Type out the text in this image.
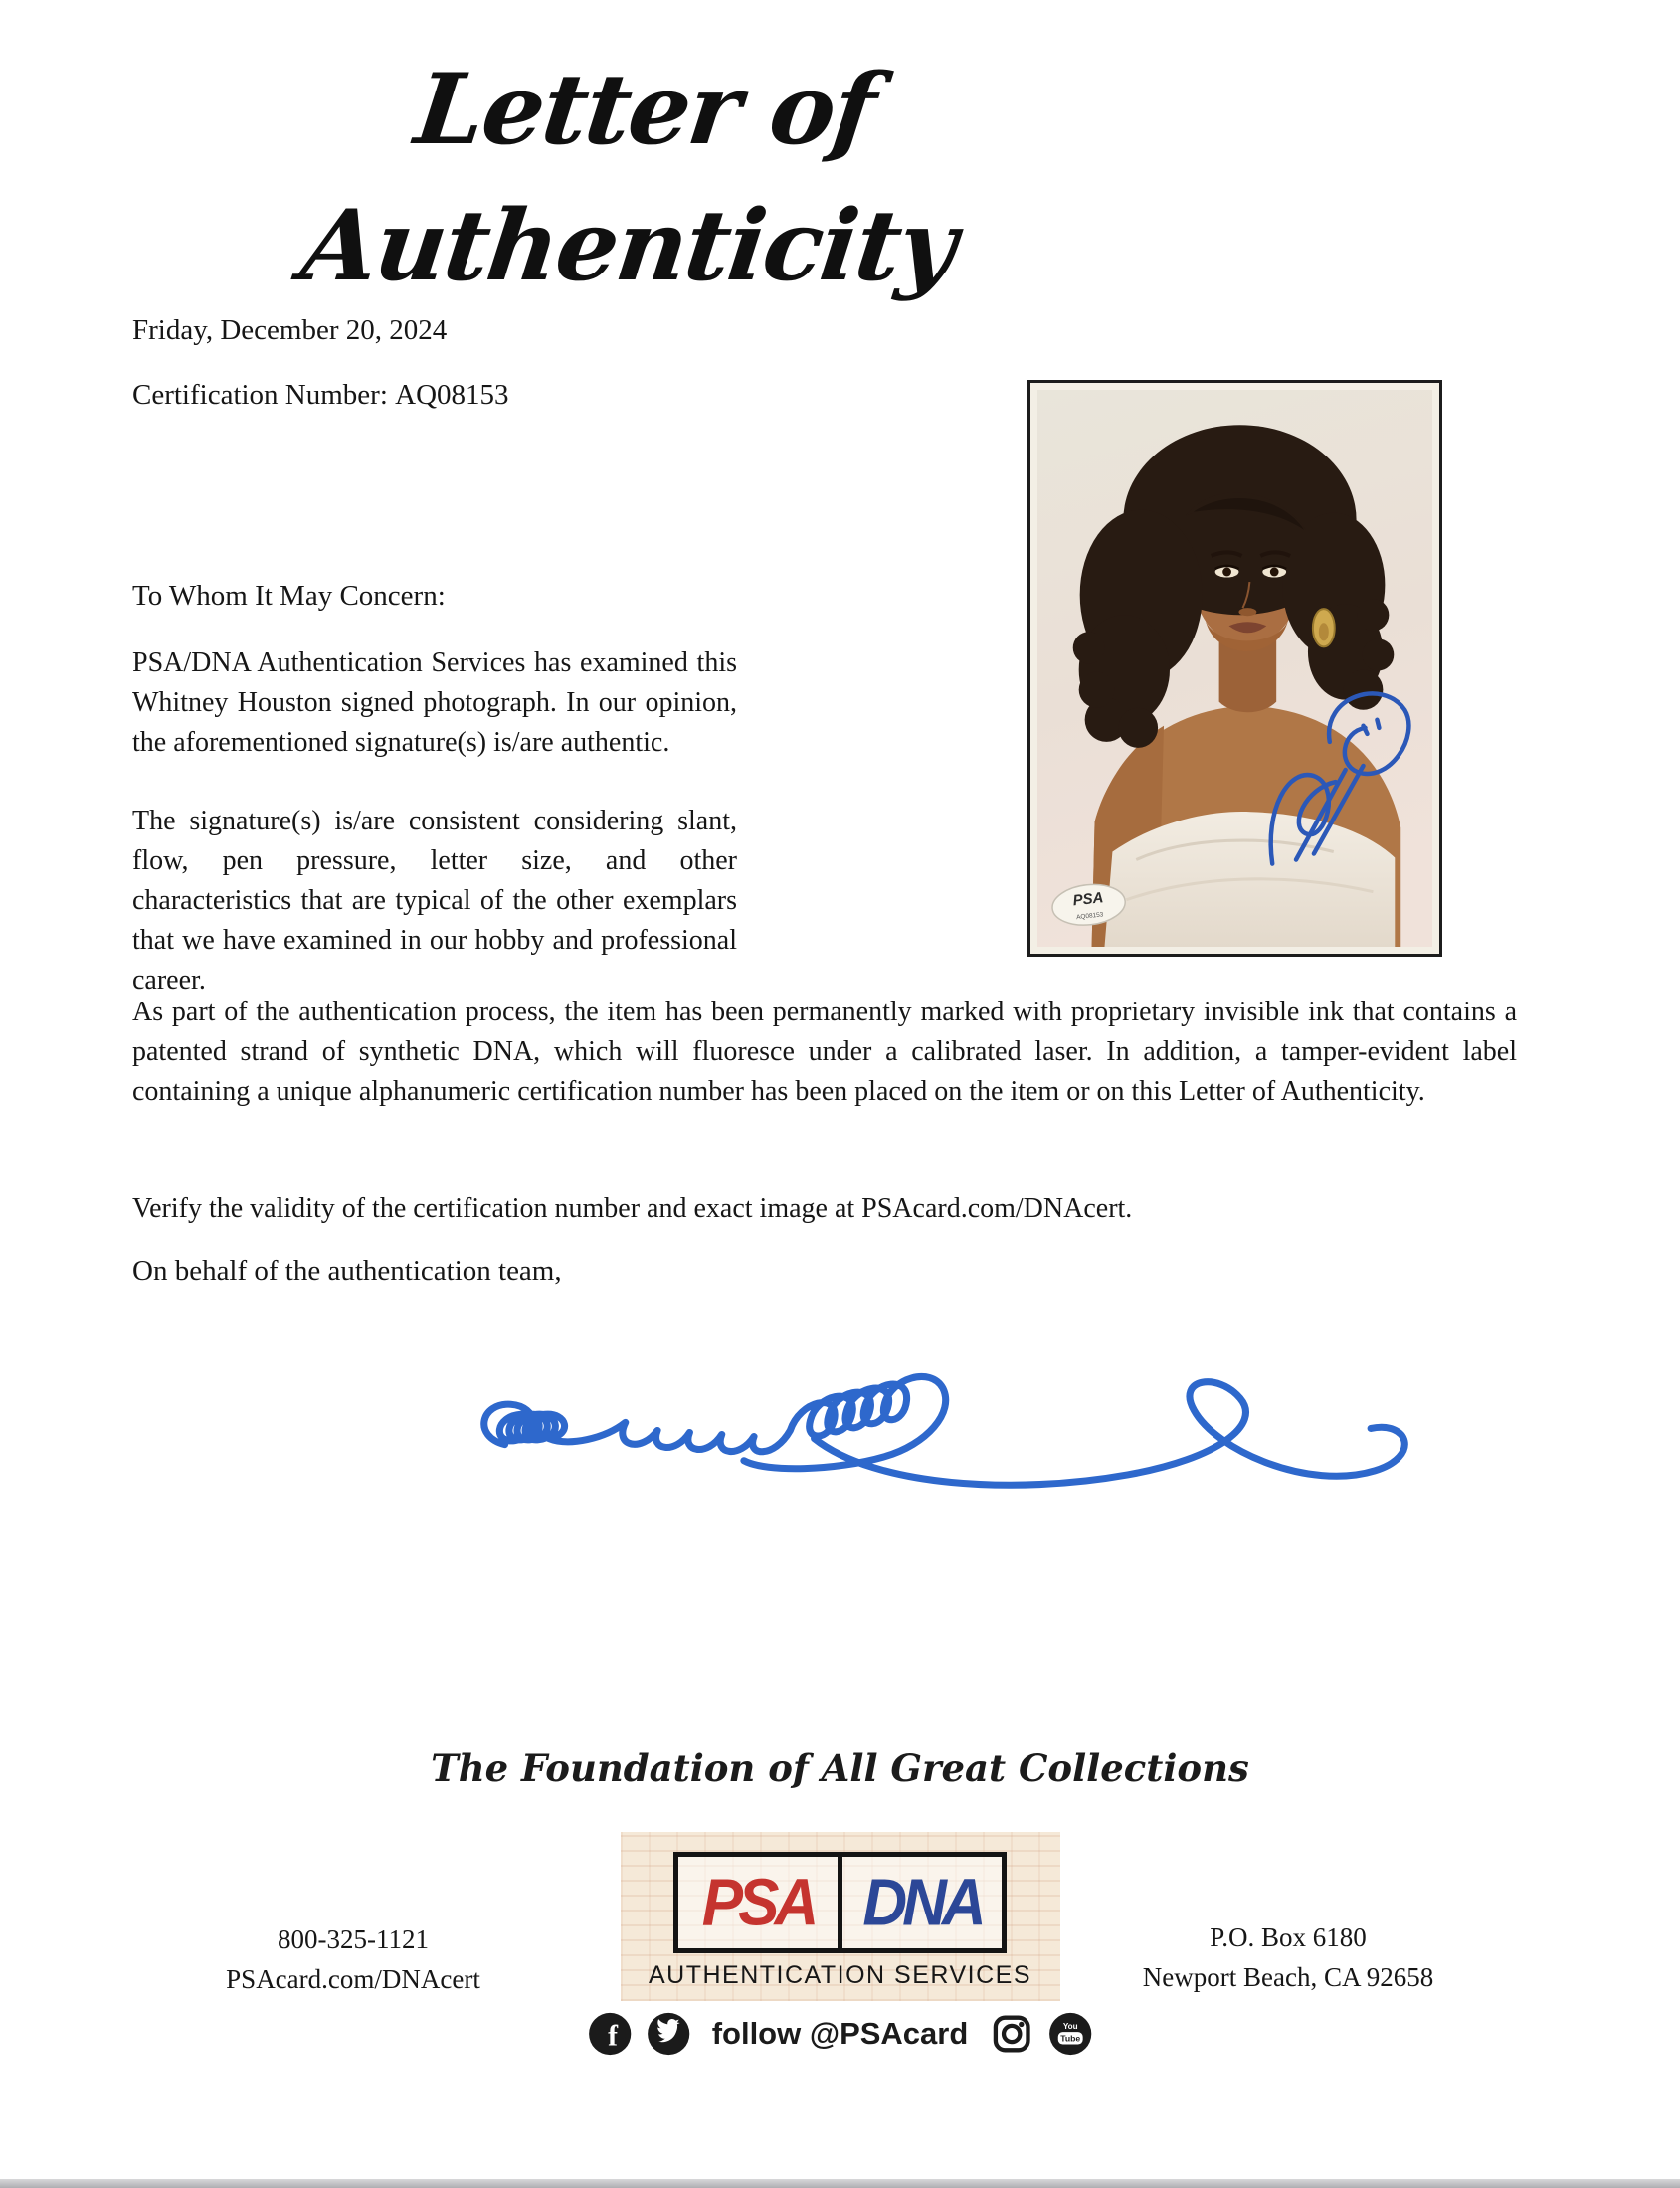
Letter of Authenticity
Friday, December 20, 2024
Certification Number: AQ08153
PSA
AQ08153
To Whom It May Concern:
PSA/DNA Authentication Services has examined this Whitney Houston signed photograph. In our opinion, the aforementioned signature(s) is/are authentic.
The signature(s) is/are consistent considering slant, flow, pen pressure, letter size, and other characteristics that are typical of the other exemplars that we have examined in our hobby and professional career.
As part of the authentication process, the item has been permanently marked with proprietary invisible ink that contains a patented strand of synthetic DNA, which will fluoresce under a calibrated laser. In addition, a tamper-evident label containing a unique alphanumeric certification number has been placed on the item or on this Letter of Authenticity.
Verify the validity of the certification number and exact image at PSAcard.com/DNAcert.
On behalf of the authentication team,
The Foundation of All Great Collections
PSA DNA
AUTHENTICATION SERVICES
f	follow @PSAcard	You
Tube
800-325-1121
PSAcard.com/DNAcert
P.O. Box 6180
Newport Beach, CA 92658
